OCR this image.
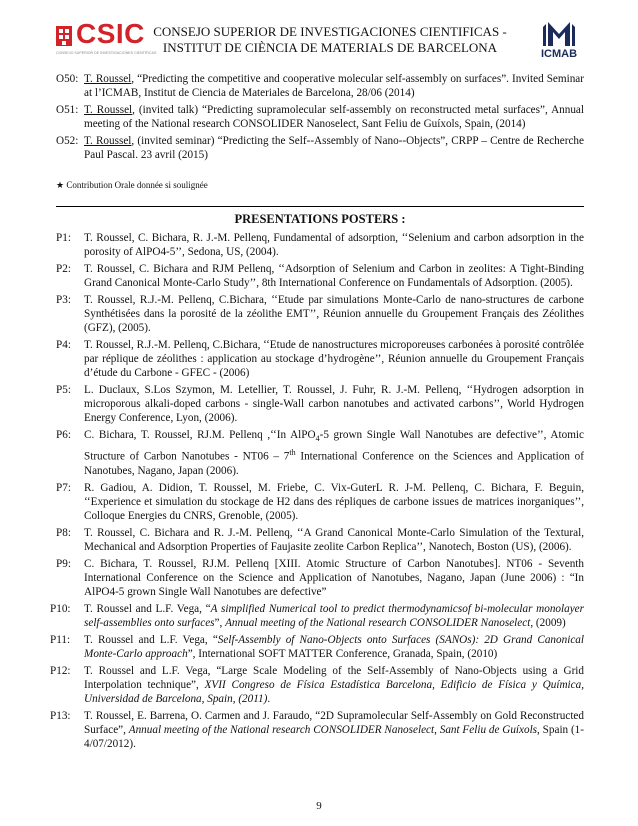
CSIC
CONSEJO SUPERIOR DE INVESTIGACIONES CIENTÍFICAS
CONSEJO SUPERIOR DE INVESTIGACIONES CIENTIFICAS -
INSTITUT DE CIÈNCIA DE MATERIALS DE BARCELONA	ICMAB
O50: T. Roussel, “Predicting the competitive and cooperative molecular self-assembly on surfaces”. Invited Seminar at l’ICMAB, Institut de Ciencia de Materiales de Barcelona, 28/06 (2014)
O51: T. Roussel, (invited talk) “Predicting supramolecular self-assembly on reconstructed metal surfaces”, Annual meeting of the National research CONSOLIDER Nanoselect, Sant Feliu de Guíxols, Spain, (2014)
O52: T. Roussel, (invited seminar) “Predicting the Self--Assembly of Nano--Objects”, CRPP – Centre de Recherche Paul Pascal. 23 avril (2015)
★ Contribution Orale donnée si soulignée
PRESENTATIONS POSTERS :
P1: T. Roussel, C. Bichara, R. J.-M. Pellenq, Fundamental of adsorption, ‘‘Selenium and carbon adsorption in the porosity of AlPO4-5’’, Sedona, US, (2004).
P2: T. Roussel, C. Bichara and RJM Pellenq, ‘‘Adsorption of Selenium and Carbon in zeolites: A Tight-Binding Grand Canonical Monte-Carlo Study’’, 8th International Conference on Fundamentals of Adsorption. (2005).
P3: T. Roussel, R.J.-M. Pellenq, C.Bichara, ‘‘Etude par simulations Monte-Carlo de nano-structures de carbone Synthétisées dans la porosité de la zéolithe EMT’’, Réunion annuelle du Groupement Français des Zéolithes (GFZ), (2005).
P4: T. Roussel, R.J.-M. Pellenq, C.Bichara, ‘‘Etude de nanostructures microporeuses carbonées à porosité contrôlée par réplique de zéolithes : application au stockage d’hydrogène’’, Réunion annuelle du Groupement Français d’étude du Carbone - GFEC - (2006)
P5: L. Duclaux, S.Los Szymon, M. Letellier, T. Roussel, J. Fuhr, R. J.-M. Pellenq, ‘‘Hydrogen adsorption in microporous alkali-doped carbons - single-Wall carbon nanotubes and activated carbons’’, World Hydrogen Energy Conference, Lyon, (2006).
P6: C. Bichara, T. Roussel, RJ.M. Pellenq ,‘‘In AlPO$_4$-5 grown Single Wall Nanotubes are defective’’, Atomic Structure of Carbon Nanotubes - NT06 – 7th International Conference on the Sciences and Application of Nanotubes, Nagano, Japan (2006).
P7: R. Gadiou, A. Didion, T. Roussel, M. Friebe, C. Vix-GuterL R. J-M. Pellenq, C. Bichara, F. Beguin, ‘‘Experience et simulation du stockage de H2 dans des répliques de carbone issues de matrices inorganiques’’, Colloque Energies du CNRS, Grenoble, (2005).
P8: T. Roussel, C. Bichara and R. J.-M. Pellenq, ‘‘A Grand Canonical Monte-Carlo Simulation of the Textural, Mechanical and Adsorption Properties of Faujasite zeolite Carbon Replica’’, Nanotech, Boston (US), (2006).
P9: C. Bichara, T. Roussel, RJ.M. Pellenq [XIII. Atomic Structure of Carbon Nanotubes]. NT06 - Seventh International Conference on the Science and Application of Nanotubes, Nagano, Japan (June 2006) : “In AlPO4-5 grown Single Wall Nanotubes are defective”
P10: T. Roussel and L.F. Vega, “A simplified Numerical tool to predict thermodynamicsof bi-molecular monolayer self-assemblies onto surfaces”, Annual meeting of the National research CONSOLIDER Nanoselect, (2009)
P11: T. Roussel and L.F. Vega, “Self-Assembly of Nano-Objects onto Surfaces (SANOs): 2D Grand Canonical Monte-Carlo approach”, International SOFT MATTER Conference, Granada, Spain, (2010)
P12: T. Roussel and L.F. Vega, “Large Scale Modeling of the Self-Assembly of Nano-Objects using a Grid Interpolation technique”, XVII Congreso de Física Estadística Barcelona, Edificio de Física y Química, Universidad de Barcelona, Spain, (2011).
P13: T. Roussel, E. Barrena, O. Carmen and J. Faraudo, “2D Supramolecular Self-Assembly on Gold Reconstructed Surface”, Annual meeting of the National research CONSOLIDER Nanoselect, Sant Feliu de Guíxols, Spain (1-4/07/2012).
9
